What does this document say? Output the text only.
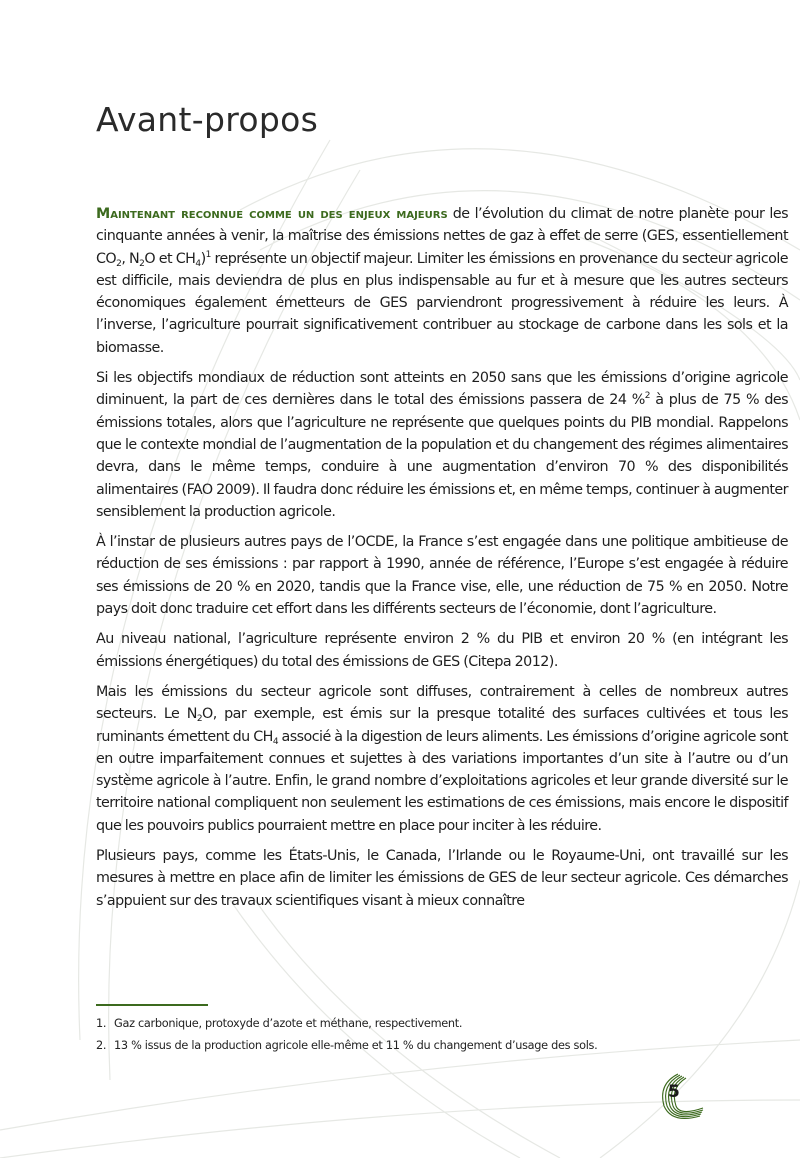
Avant-propos

Maintenant reconnue comme un des enjeux majeurs de l’évolution du climat de notre planète pour les cinquante années à venir, la maîtrise des émissions nettes de gaz à effet de serre (GES, essentiellement $CO_2$, $N_2O$ et $CH_4)^1$ représente un objectif majeur. Limiter les émissions en provenance du secteur agricole est difficile, mais deviendra de plus en plus indispensable au fur et à mesure que les autres secteurs économiques également émetteurs de GES parviendront progressivement à réduire les leurs. À l’inverse, l’agriculture pourrait significativement contribuer au stockage de carbone dans les sols et la biomasse.

Si les objectifs mondiaux de réduction sont atteints en 2050 sans que les émissions d’origine agricole diminuent, la part de ces dernières dans le total des émissions passera de 24 %$^2$ à plus de 75 % des émissions totales, alors que l’agriculture ne représente que quelques points du PIB mondial. Rappelons que le contexte mondial de l’augmentation de la population et du changement des régimes alimentaires devra, dans le même temps, conduire à une augmentation d’environ 70 % des disponibilités alimentaires (FAO 2009). Il faudra donc réduire les émissions et, en même temps, continuer à augmenter sensiblement la production agricole.

À l’instar de plusieurs autres pays de l’OCDE, la France s’est engagée dans une politique ambitieuse de réduction de ses émissions : par rapport à 1990, année de référence, l’Europe s’est engagée à réduire ses émissions de 20 % en 2020, tandis que la France vise, elle, une réduction de 75 % en 2050. Notre pays doit donc traduire cet effort dans les différents secteurs de l’économie, dont l’agriculture.

Au niveau national, l’agriculture représente environ 2 % du PIB et environ 20 % (en intégrant les émissions énergétiques) du total des émissions de GES (Citepa 2012).

Mais les émissions du secteur agricole sont diffuses, contrairement à celles de nombreux autres secteurs. Le $N_2O$, par exemple, est émis sur la presque totalité des surfaces cultivées et tous les ruminants émettent du $CH_4$ associé à la digestion de leurs aliments. Les émissions d’origine agricole sont en outre imparfaitement connues et sujettes à des variations importantes d’un site à l’autre ou d’un système agricole à l’autre. Enfin, le grand nombre d’exploitations agricoles et leur grande diversité sur le territoire national compliquent non seulement les estimations de ces émissions, mais encore le dispositif que les pouvoirs publics pourraient mettre en place pour inciter à les réduire.

Plusieurs pays, comme les États-Unis, le Canada, l’Irlande ou le Royaume-Uni, ont travaillé sur les mesures à mettre en place afin de limiter les émissions de GES de leur secteur agricole. Ces démarches s’appuient sur des travaux scientifiques visant à mieux connaître

1. Gaz carbonique, protoxyde d’azote et méthane, respectivement.

2. 13 % issus de la production agricole elle-même et 11 % du changement d’usage des sols.

5
